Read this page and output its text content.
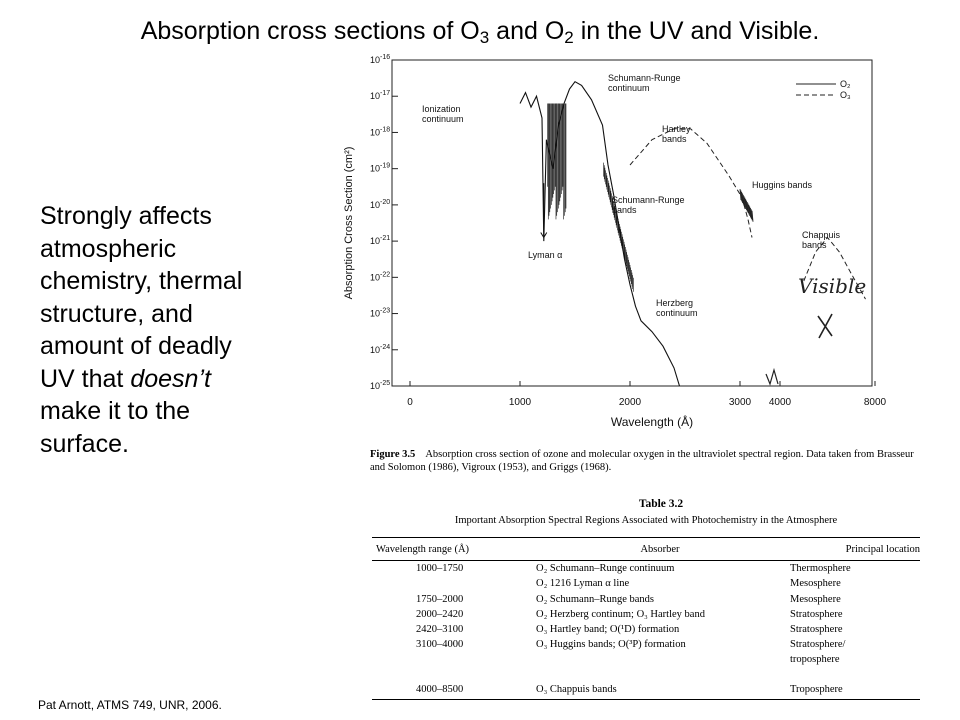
Absorption cross sections of $O_3$ and $O_2$ in the UV and Visible.
Strongly affects
atmospheric
chemistry, thermal
structure, and
amount of deadly
UV that doesn’t
make it to the
surface.
$10^{-16}$
$10^{-17}$
$10^{-18}$
$10^{-19}$
$10^{-20}$
$10^{-21}$
$10^{-22}$
$10^{-23}$
$10^{-24}$
$10^{-25}$
0	1000	2000	3000 4000	8000
Wavelength (Å)
Absorption Cross Section (cm²)
O₂
O₃
Schumann-Runge continuum
Ionization continuum
Hartley bands
Huggins bands
Schumann-Runge bands
Lyman α
Chappuis bands
Herzberg continuum
Visible
Figure 3.5 Absorption cross section of ozone and molecular oxygen in the ultraviolet spectral region. Data taken from Brasseur and Solomon (1986), Vigroux (1953), and Griggs (1968).
Table 3.2
Important Absorption Spectral Regions Associated with Photochemistry in the Atmosphere
Wavelength range (Å)	Absorber	Principal location
1000–1750	O₂ Schumann–Runge continuum	Thermosphere
	O₂ 1216 Lyman α line	Mesosphere
1750–2000	O₂ Schumann–Runge bands	Mesosphere
2000–2420	O₂ Herzberg continum; O₃ Hartley band	Stratosphere
2420–3100	O₃ Hartley band; O(¹D) formation	Stratosphere
3100–4000	O₃ Huggins bands; O(³P) formation	Stratosphere/
		troposphere
4000–8500	O₃ Chappuis bands	Troposphere
Pat Arnott, ATMS 749, UNR, 2006.
